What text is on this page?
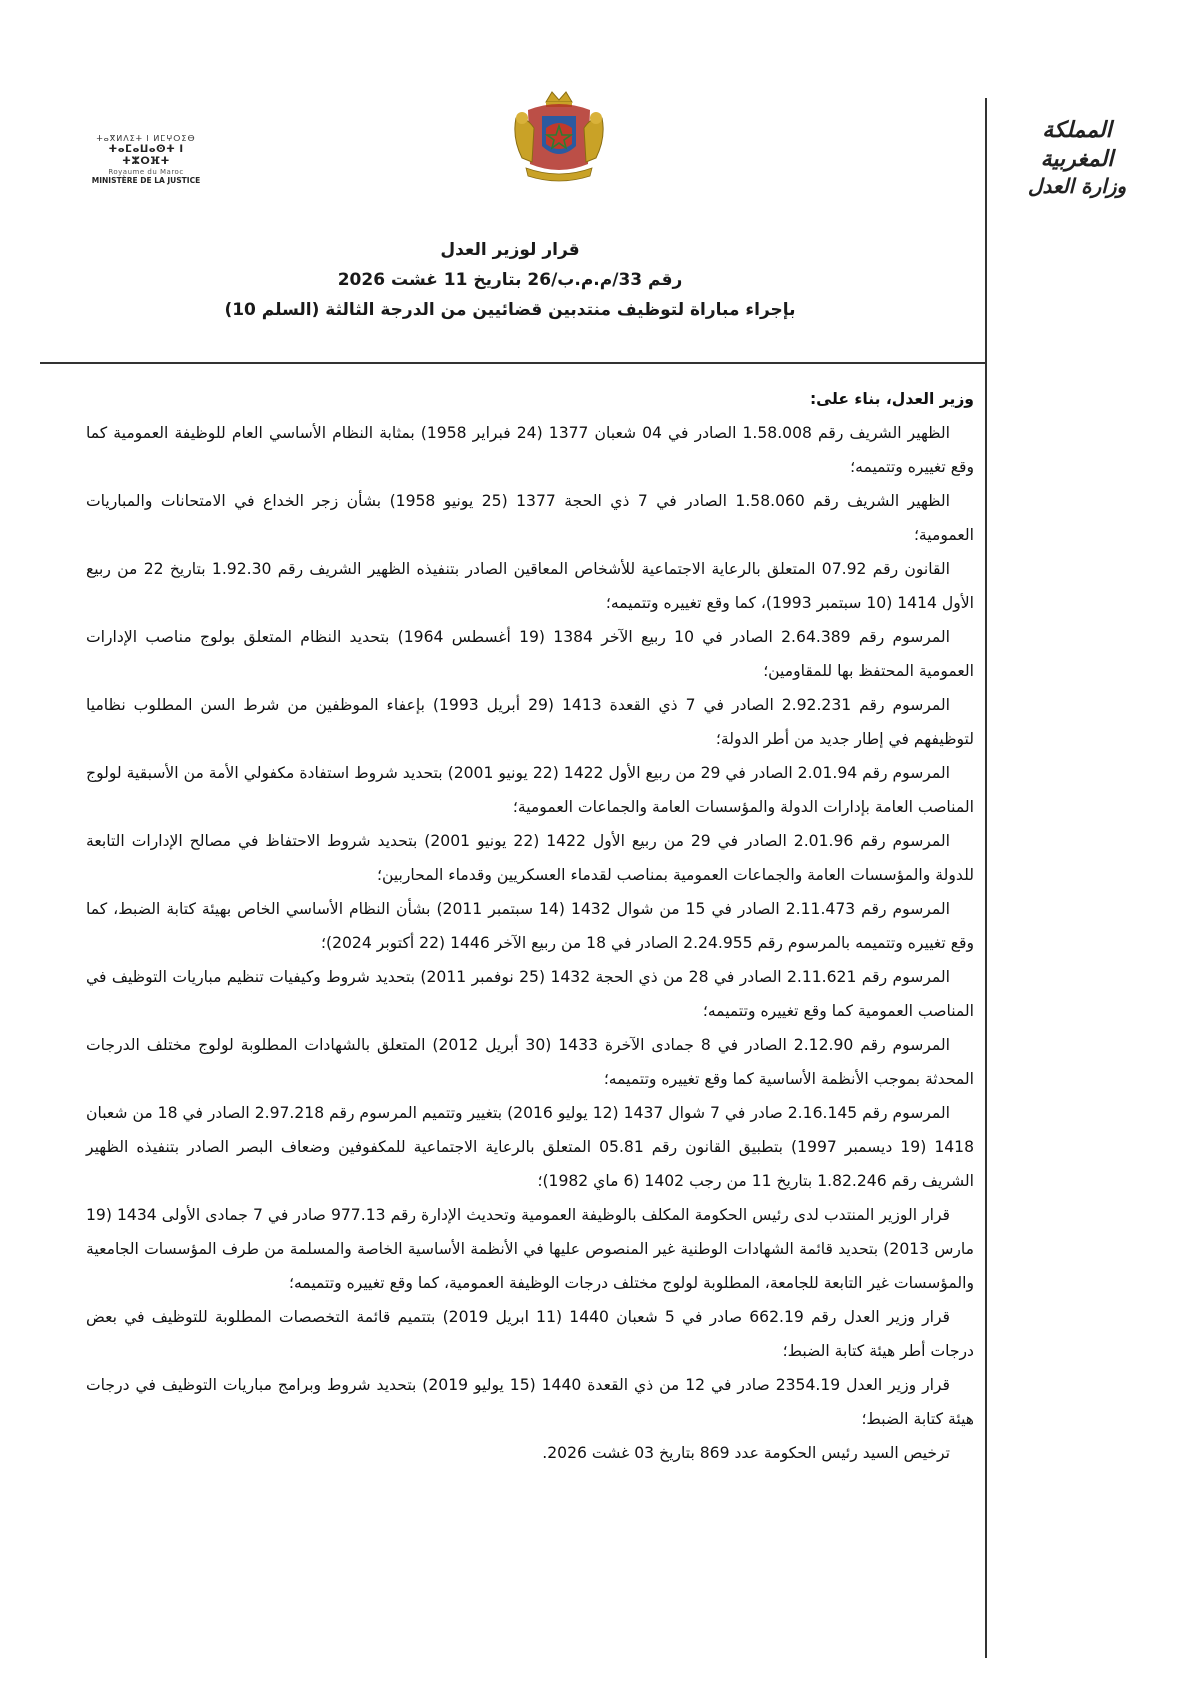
ⵜⴰⴳⵍⴷⵉⵜ ⵏ ⵍⵎⵖⵔⵉⴱ
ⵜⴰⵎⴰⵡⴰⵙⵜ ⵏ ⵜⵣⵔⴼⵜ
Royaume du Maroc
MINISTÈRE DE LA JUSTICE
المملكة المغربية
وزارة العدل
قرار لوزير العدل
رقم 33/م.م.ب/26 بتاريخ 11 غشت 2026
بإجراء مباراة لتوظيف منتدبين قضائيين من الدرجة الثالثة (السلم 10)

وزير العدل، بناء على:

الظهير الشريف رقم 1.58.008 الصادر في 04 شعبان 1377 (24 فبراير 1958) بمثابة النظام الأساسي العام للوظيفة العمومية كما وقع تغييره وتتميمه؛

الظهير الشريف رقم 1.58.060 الصادر في 7 ذي الحجة 1377 (25 يونيو 1958) بشأن زجر الخداع في الامتحانات والمباريات العمومية؛

القانون رقم 07.92 المتعلق بالرعاية الاجتماعية للأشخاص المعاقين الصادر بتنفيذه الظهير الشريف رقم 1.92.30 بتاريخ 22 من ربيع الأول 1414 (10 سبتمبر 1993)، كما وقع تغييره وتتميمه؛

المرسوم رقم 2.64.389 الصادر في 10 ربيع الآخر 1384 (19 أغسطس 1964) بتحديد النظام المتعلق بولوج مناصب الإدارات العمومية المحتفظ بها للمقاومين؛

المرسوم رقم 2.92.231 الصادر في 7 ذي القعدة 1413 (29 أبريل 1993) بإعفاء الموظفين من شرط السن المطلوب نظاميا لتوظيفهم في إطار جديد من أطر الدولة؛

المرسوم رقم 2.01.94 الصادر في 29 من ربيع الأول 1422 (22 يونيو 2001) بتحديد شروط استفادة مكفولي الأمة من الأسبقية لولوج المناصب العامة بإدارات الدولة والمؤسسات العامة والجماعات العمومية؛

المرسوم رقم 2.01.96 الصادر في 29 من ربيع الأول 1422 (22 يونيو 2001) بتحديد شروط الاحتفاظ في مصالح الإدارات التابعة للدولة والمؤسسات العامة والجماعات العمومية بمناصب لقدماء العسكريين وقدماء المحاربين؛

المرسوم رقم 2.11.473 الصادر في 15 من شوال 1432 (14 سبتمبر 2011) بشأن النظام الأساسي الخاص بهيئة كتابة الضبط، كما وقع تغييره وتتميمه بالمرسوم رقم 2.24.955 الصادر في 18 من ربيع الآخر 1446 (22 أكتوبر 2024)؛

المرسوم رقم 2.11.621 الصادر في 28 من ذي الحجة 1432 (25 نوفمبر 2011) بتحديد شروط وكيفيات تنظيم مباريات التوظيف في المناصب العمومية كما وقع تغييره وتتميمه؛

المرسوم رقم 2.12.90 الصادر في 8 جمادى الآخرة 1433 (30 أبريل 2012) المتعلق بالشهادات المطلوبة لولوج مختلف الدرجات المحدثة بموجب الأنظمة الأساسية كما وقع تغييره وتتميمه؛

المرسوم رقم 2.16.145 صادر في 7 شوال 1437 (12 يوليو 2016) بتغيير وتتميم المرسوم رقم 2.97.218 الصادر في 18 من شعبان 1418 (19 ديسمبر 1997) بتطبيق القانون رقم 05.81 المتعلق بالرعاية الاجتماعية للمكفوفين وضعاف البصر الصادر بتنفيذه الظهير الشريف رقم 1.82.246 بتاريخ 11 من رجب 1402 (6 ماي 1982)؛

قرار الوزير المنتدب لدى رئيس الحكومة المكلف بالوظيفة العمومية وتحديث الإدارة رقم 977.13 صادر في 7 جمادى الأولى 1434 (19 مارس 2013) بتحديد قائمة الشهادات الوطنية غير المنصوص عليها في الأنظمة الأساسية الخاصة والمسلمة من طرف المؤسسات الجامعية والمؤسسات غير التابعة للجامعة، المطلوبة لولوج مختلف درجات الوظيفة العمومية، كما وقع تغييره وتتميمه؛

قرار وزير العدل رقم 662.19 صادر في 5 شعبان 1440 (11 ابريل 2019) بتتميم قائمة التخصصات المطلوبة للتوظيف في بعض درجات أطر هيئة كتابة الضبط؛

قرار وزير العدل 2354.19 صادر في 12 من ذي القعدة 1440 (15 يوليو 2019) بتحديد شروط وبرامج مباريات التوظيف في درجات هيئة كتابة الضبط؛

ترخيص السيد رئيس الحكومة عدد 869 بتاريخ 03 غشت 2026.
